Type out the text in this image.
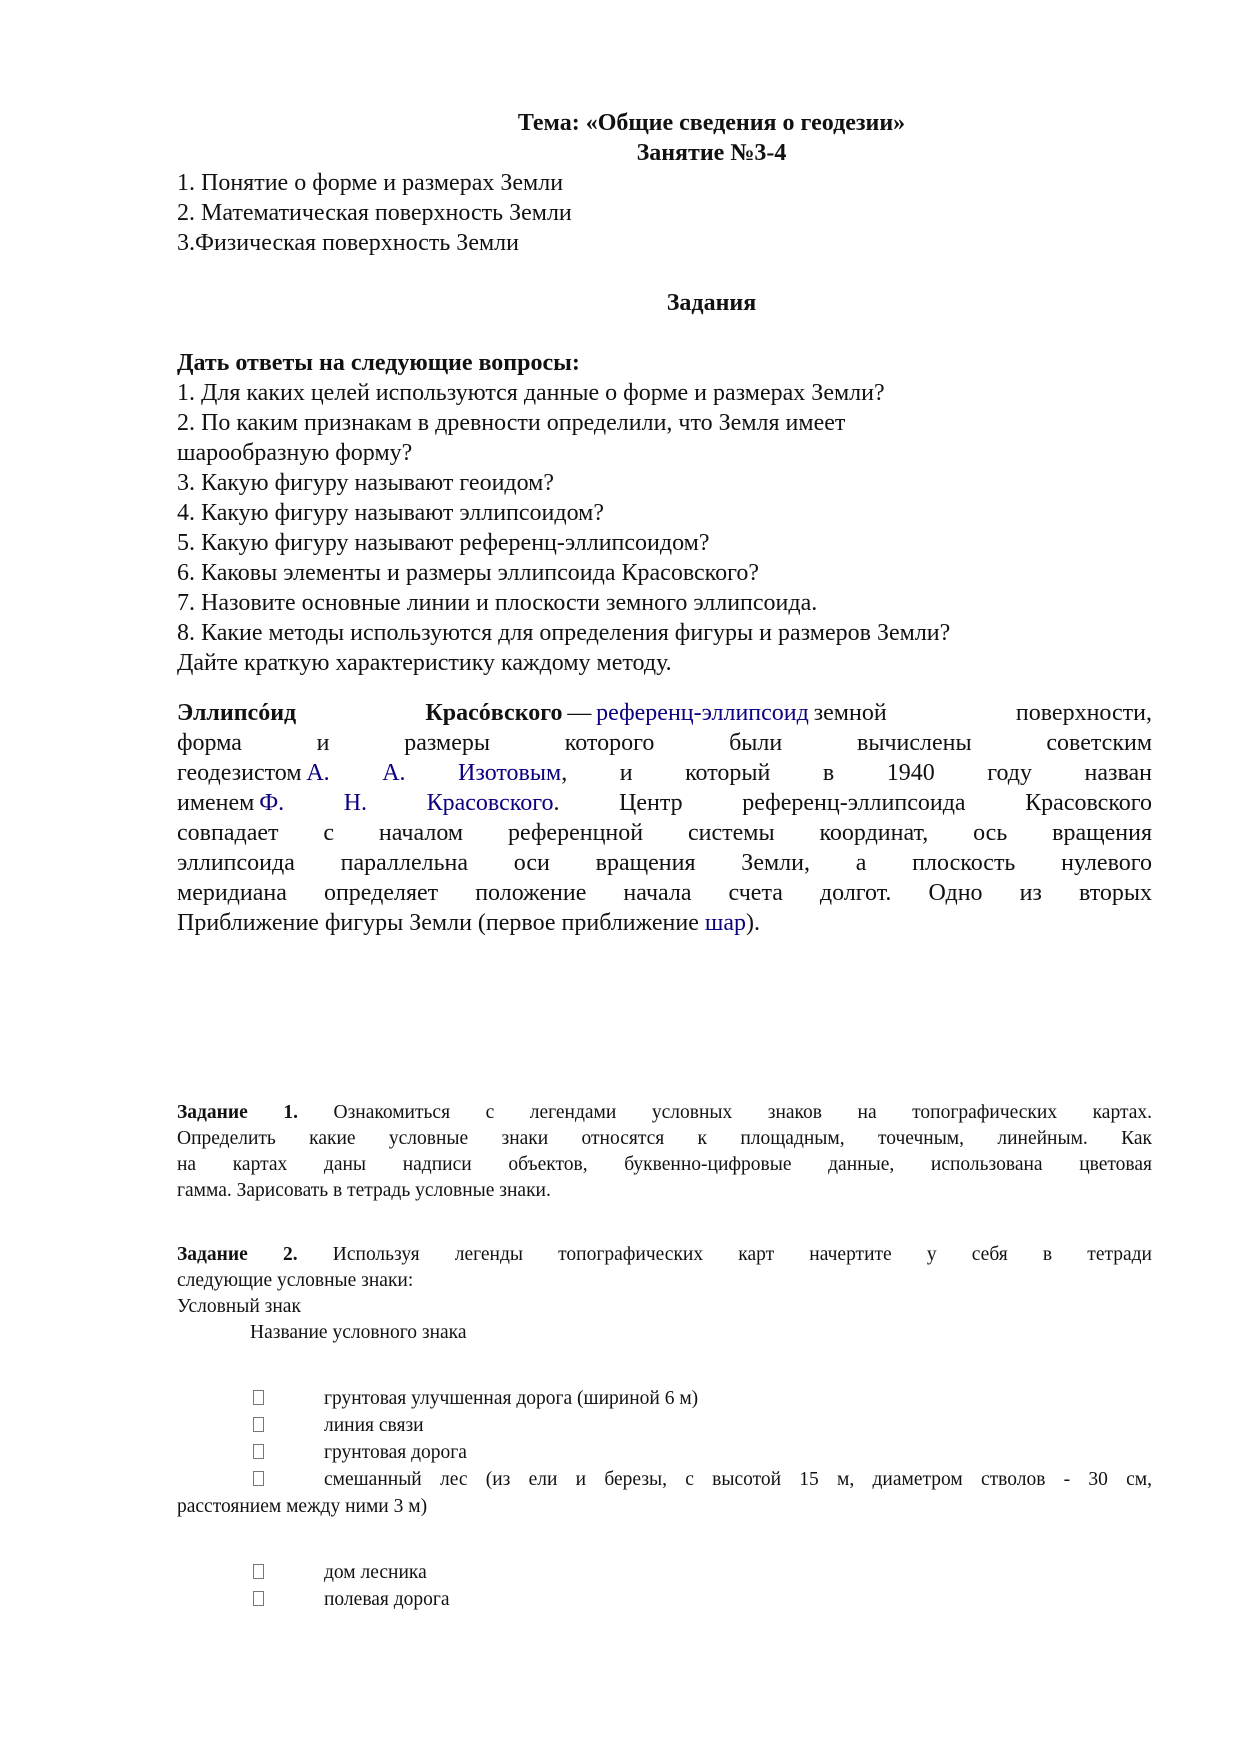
Тема: «Общие сведения о геодезии»
Занятие №3-4
1. Понятие о форме и размерах Земли
2. Математическая поверхность Земли
3.Физическая поверхность Земли
Задания
Дать ответы на следующие вопросы:
1. Для каких целей используются данные о форме и размерах Земли?
2. По каким признакам в древности определили, что Земля имеет
шарообразную форму?
3. Какую фигуру называют геоидом?
4. Какую фигуру называют эллипсоидом?
5. Какую фигуру называют референц-эллипсоидом?
6. Каковы элементы и размеры эллипсоида Красовского?
7. Назовите основные линии и плоскости земного эллипсоида.
8. Какие методы используются для определения фигуры и размеров Земли?
Дайте краткую характеристику каждому методу.
Эллипсóид	Красóвского  —  референц-эллипсоид  земной	поверхности,
форма	и	размеры	которого	были	вычислены	советским
геодезистом  А. А. Изотовым, и который в 1940 году назван
именем  Ф. Н. Красовского. Центр референц-эллипсоида Красовского
совпадает с началом референцной системы координат, ось вращения
эллипсоида параллельна оси вращения Земли, а плоскость нулевого
меридиана определяет положение начала счета долгот. Одно из вторых
Приближение фигуры Земли (первое приближение шар).
Задание 1. Ознакомиться с легендами условных знаков на топографических картах.
Определить какие условные знаки относятся к площадным, точечным, линейным. Как
на картах даны надписи объектов, буквенно-цифровые данные, использована цветовая
гамма. Зарисовать в тетрадь условные знаки.
Задание 2. Используя легенды топографических карт начертите у себя в тетради
следующие условные знаки:
Условный знак
Название условного знака
грунтовая улучшенная дорога (шириной 6 м)
линия связи
грунтовая дорога
смешанный лес (из ели и березы, с высотой 15 м, диаметром стволов - 30 см,
расстоянием между ними 3 м)
дом лесника
полевая дорога
